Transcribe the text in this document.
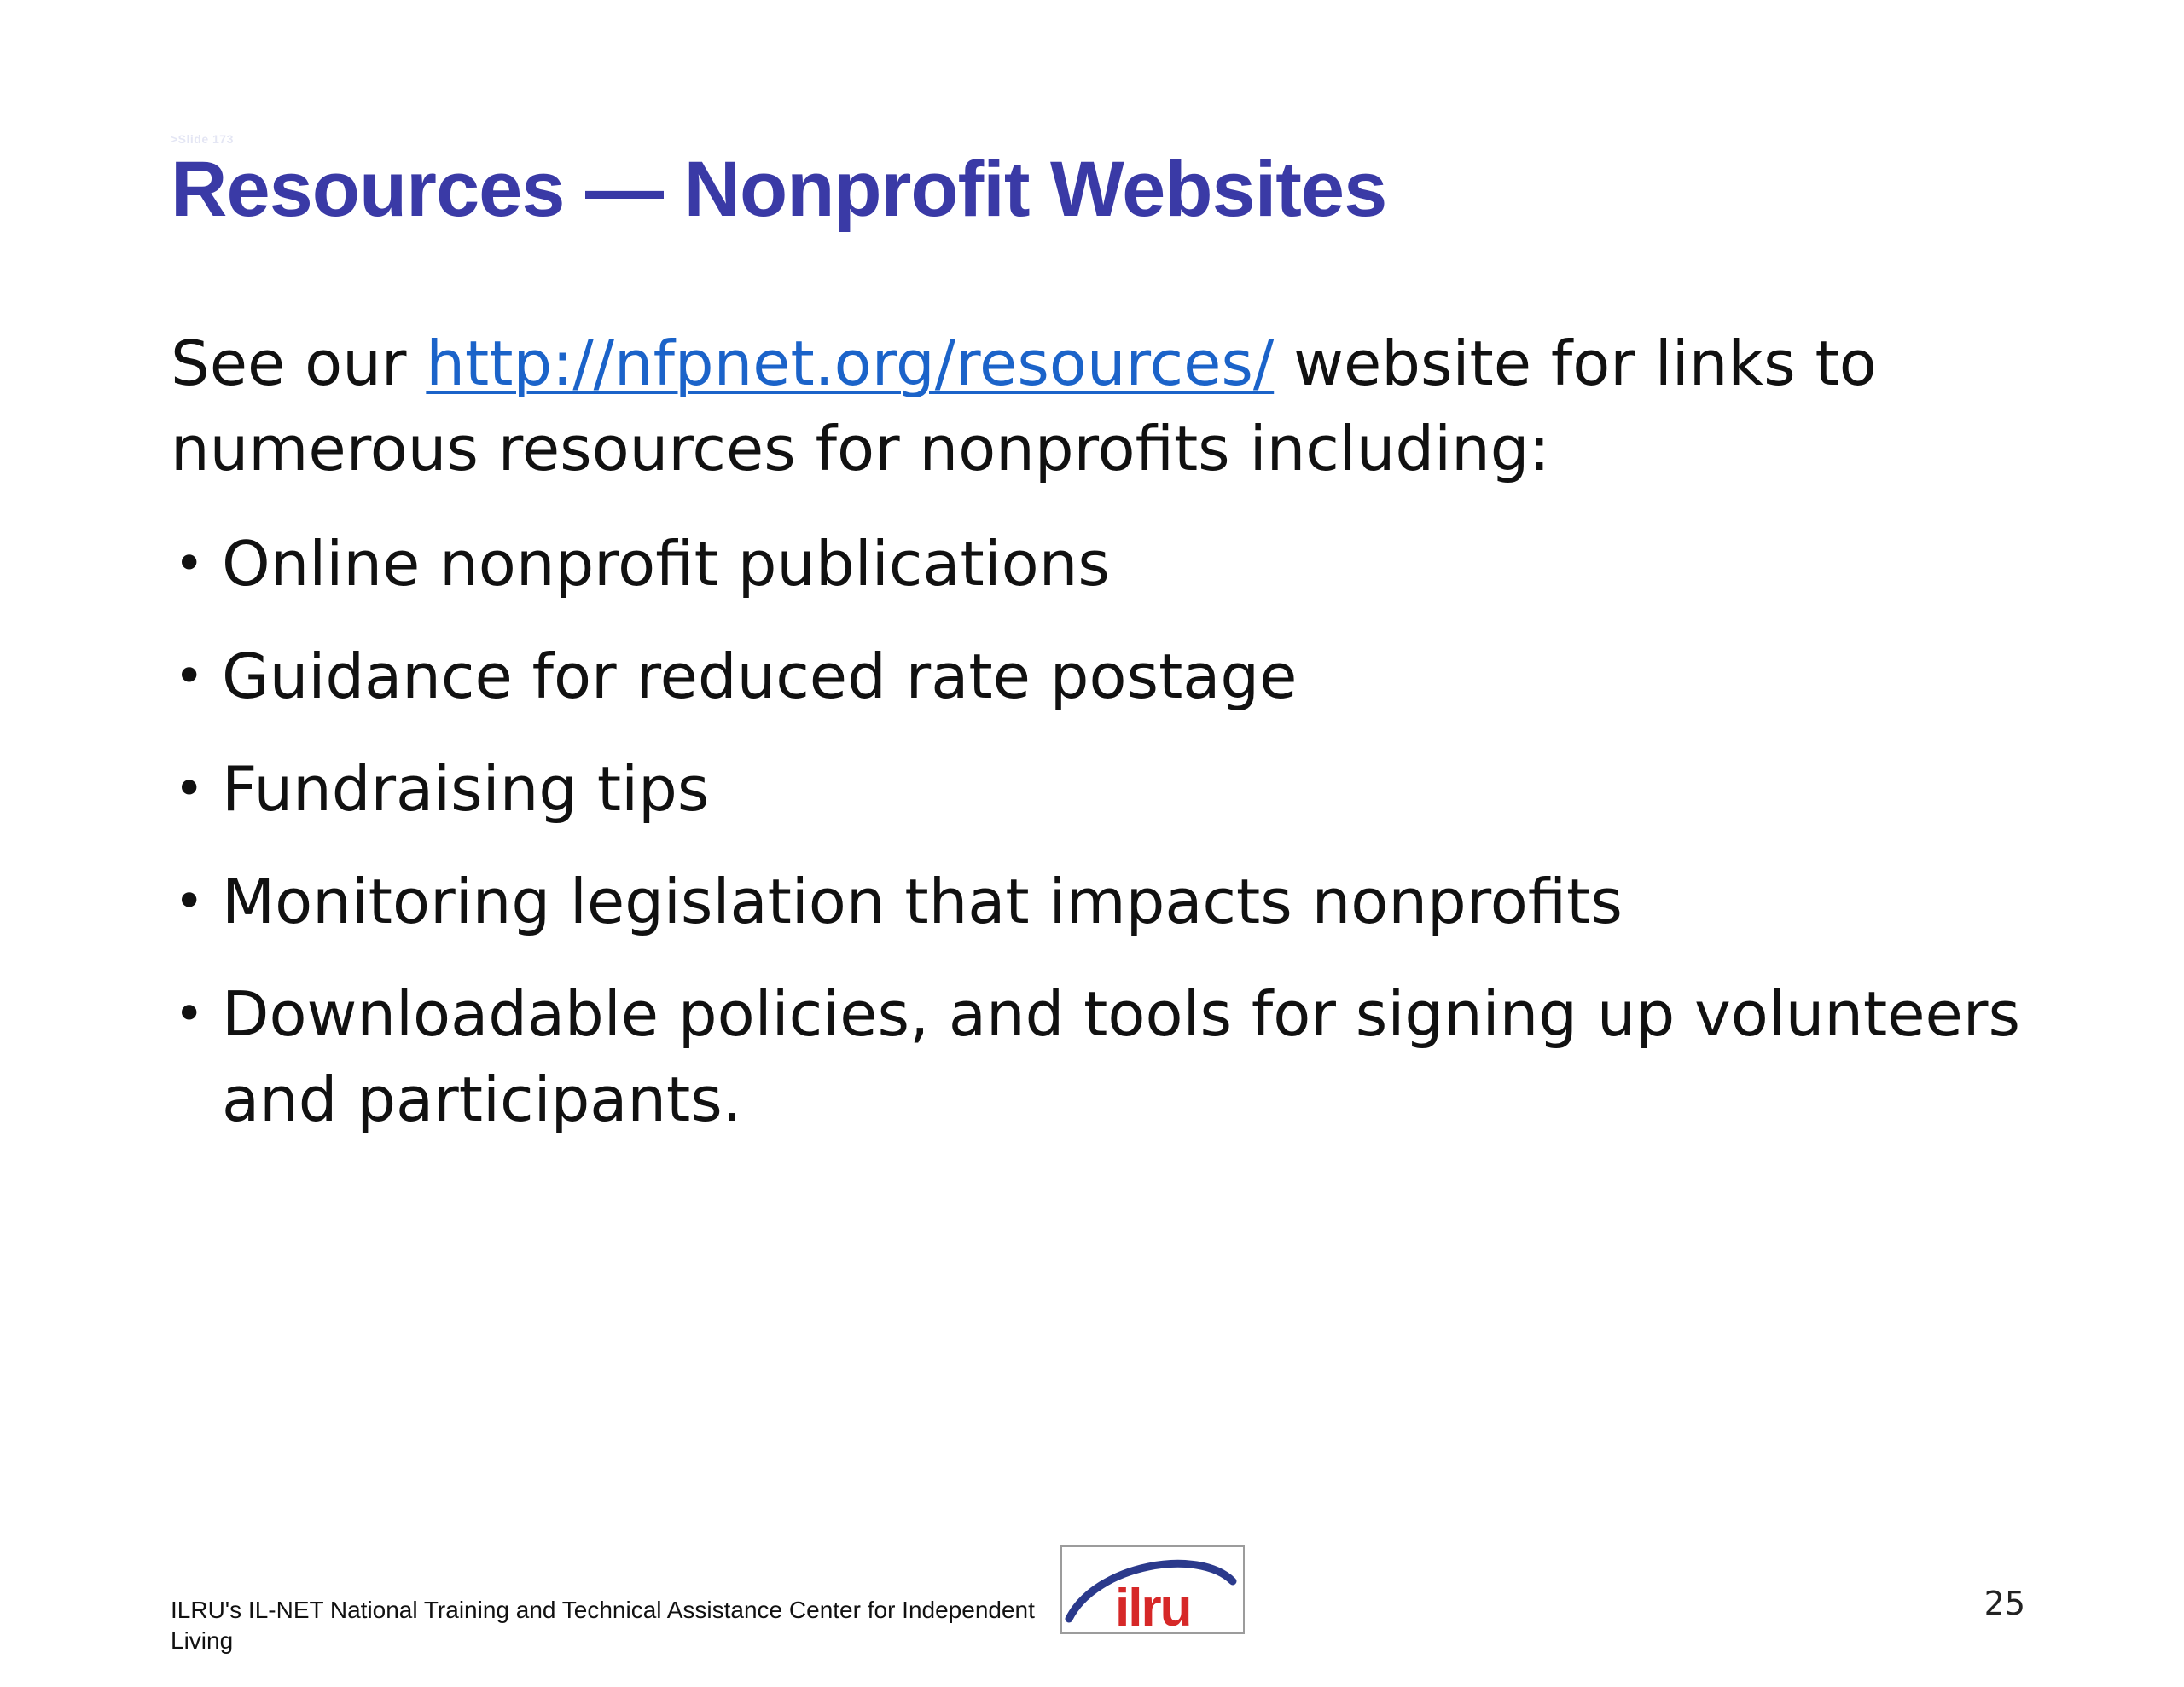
>Slide 173
Resources — Nonprofit Websites

See our http://nfpnet.org/resources/ website for links to numerous resources for nonprofits including:

• Online nonprofit publications
• Guidance for reduced rate postage
• Fundraising tips
• Monitoring legislation that impacts nonprofits
• Downloadable policies, and tools for signing up volunteers and participants.

ILRU's IL-NET National Training and Technical Assistance Center for Independent Living

ilru	25
